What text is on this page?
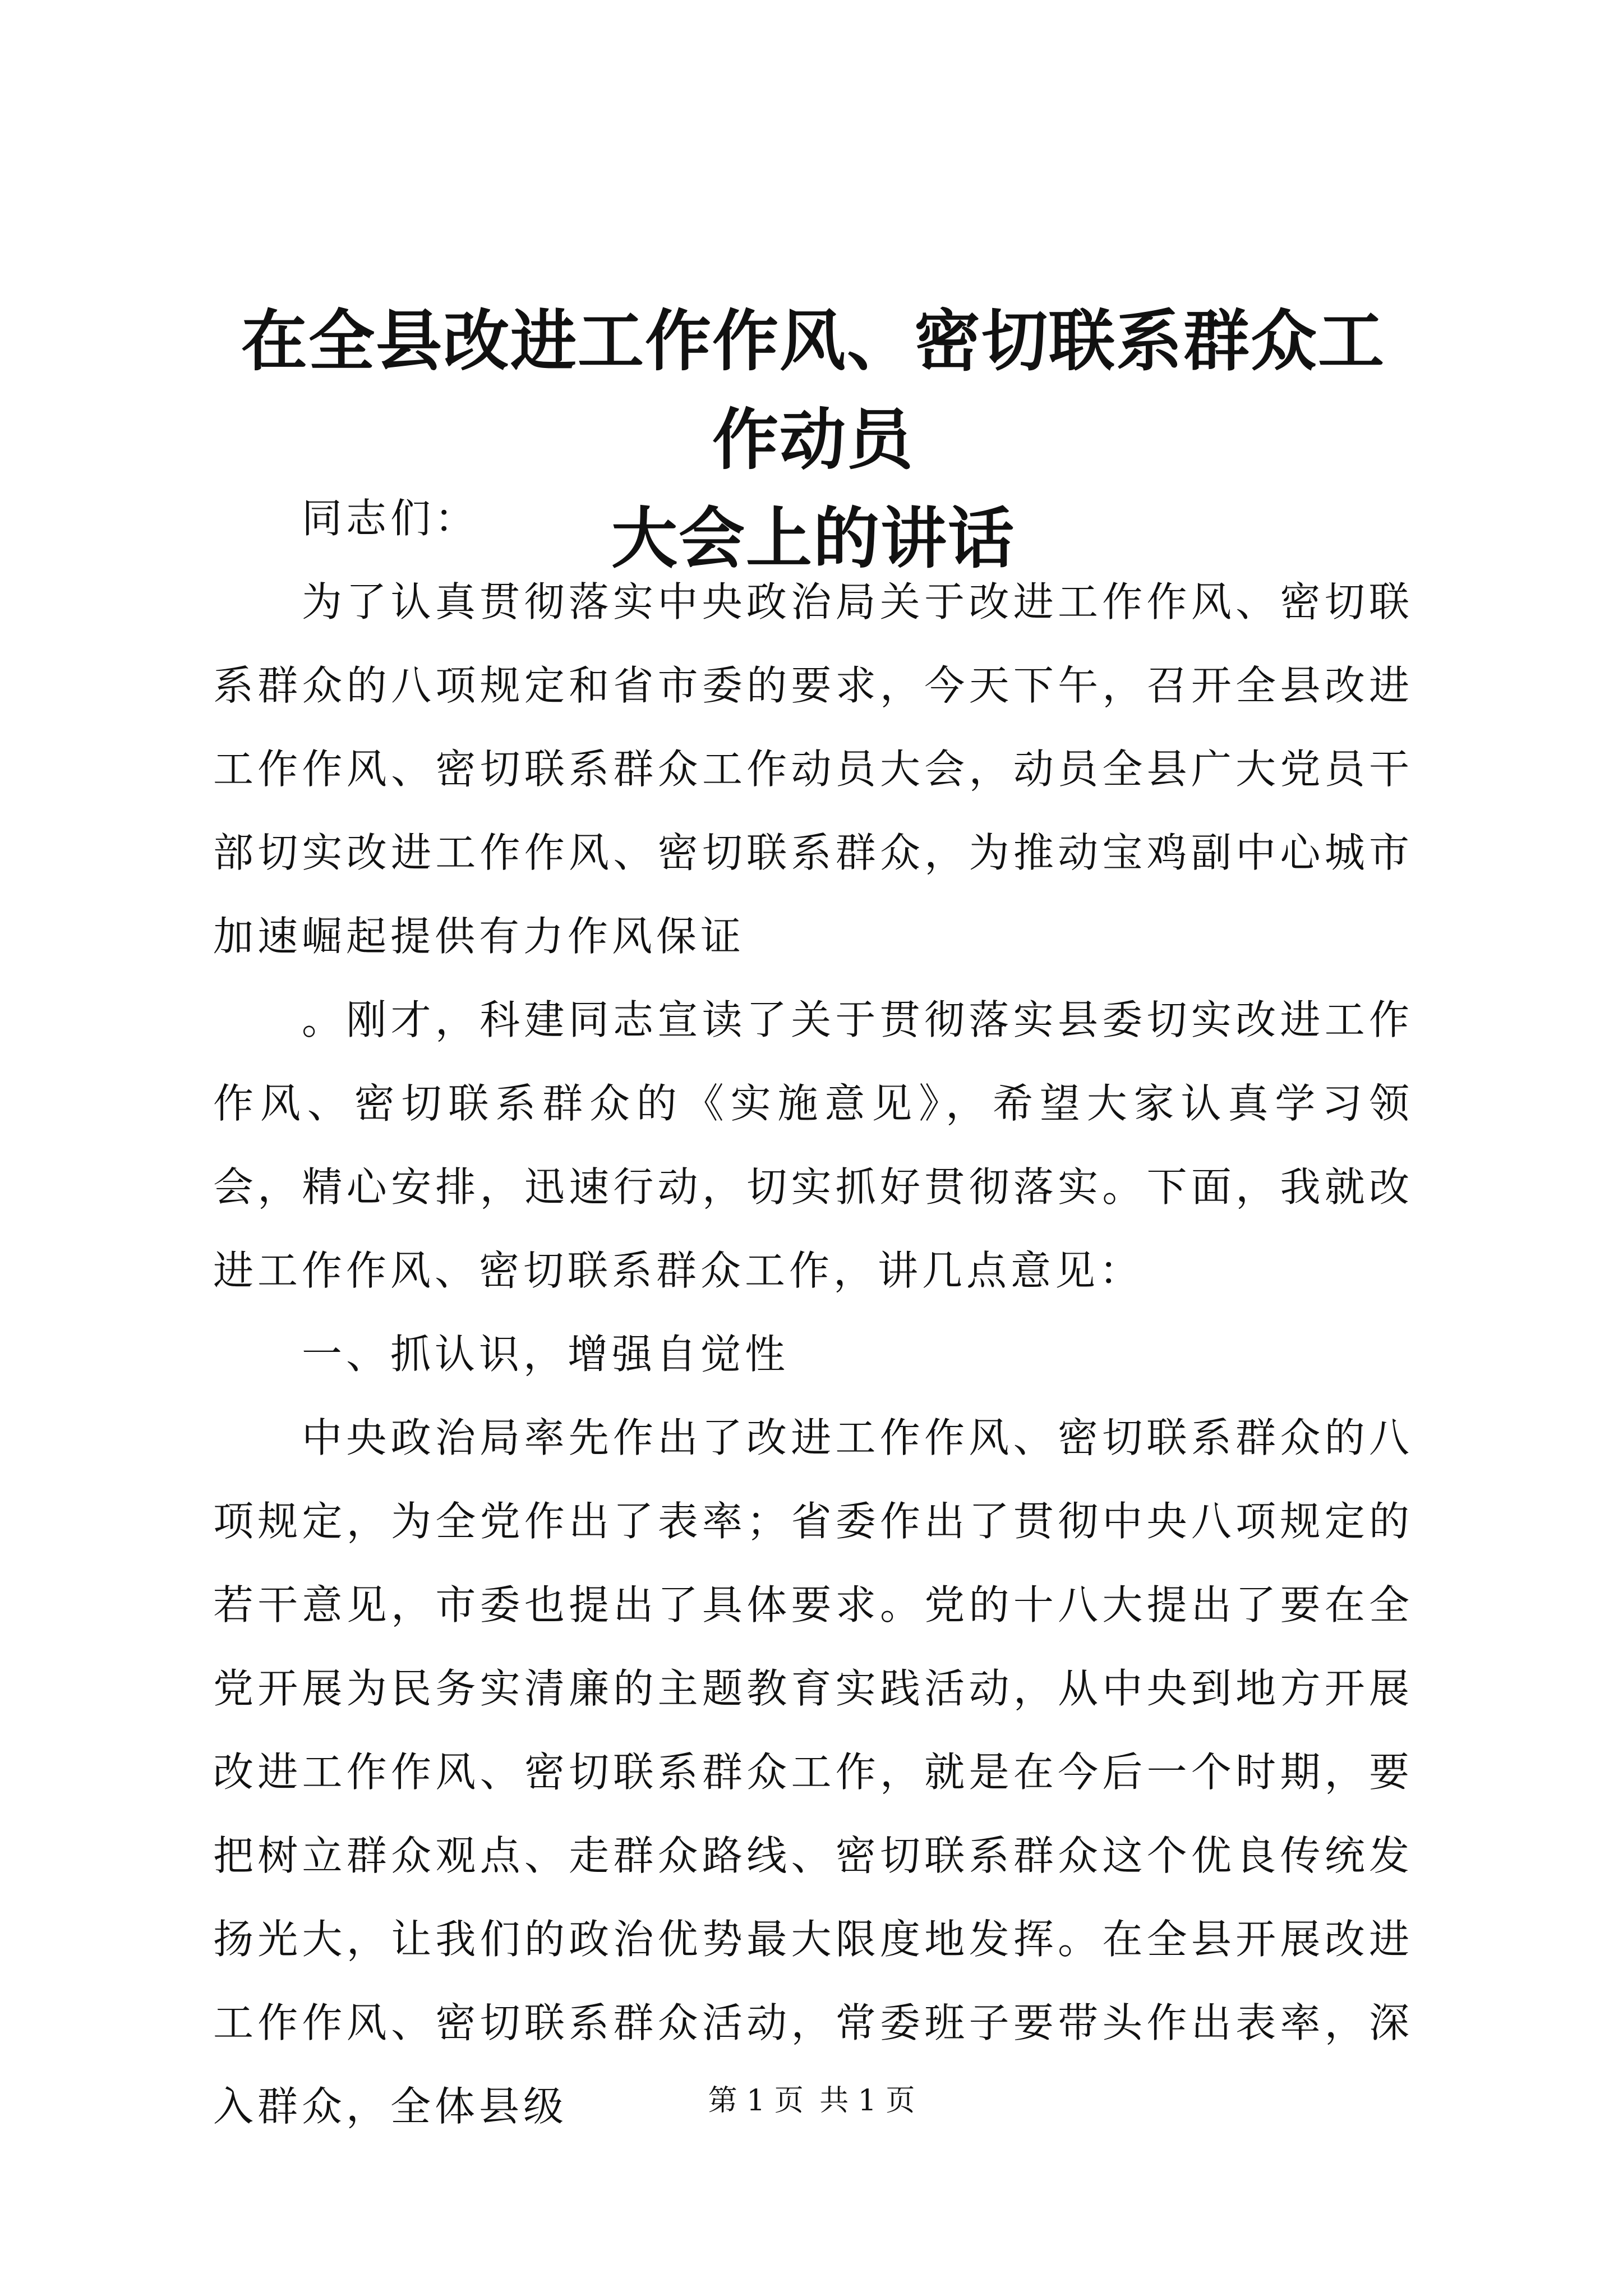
在全县改进工作作风、密切联系群众工作动员
大会上的讲话

同志们：

为了认真贯彻落实中央政治局关于改进工作作风、密切联系群众的八项规定和省市委的要求，今天下午，召开全县改进工作作风、密切联系群众工作动员大会，动员全县广大党员干部切实改进工作作风、密切联系群众，为推动宝鸡副中心城市加速崛起提供有力作风保证

。刚才，科建同志宣读了关于贯彻落实县委切实改进工作作风、密切联系群众的《实施意见》，希望大家认真学习领会，精心安排，迅速行动，切实抓好贯彻落实。下面，我就改进工作作风、密切联系群众工作，讲几点意见：

一、抓认识，增强自觉性

中央政治局率先作出了改进工作作风、密切联系群众的八项规定，为全党作出了表率；省委作出了贯彻中央八项规定的若干意见，市委也提出了具体要求。党的十八大提出了要在全党开展为民务实清廉的主题教育实践活动，从中央到地方开展改进工作作风、密切联系群众工作，就是在今后一个时期，要把树立群众观点、走群众路线、密切联系群众这个优良传统发扬光大，让我们的政治优势最大限度地发挥。在全县开展改进工作作风、密切联系群众活动，常委班子要带头作出表率，深入群众，全体县级	第 1 页 共 1 页
